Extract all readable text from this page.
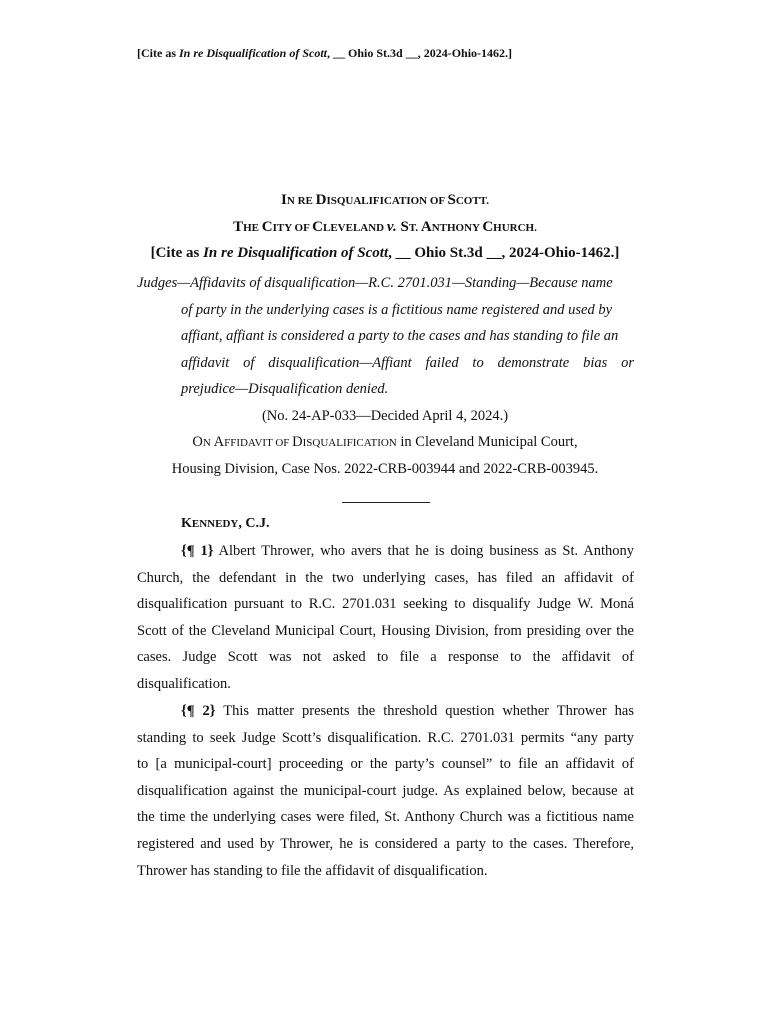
[Cite as In re Disqualification of Scott, __ Ohio St.3d __, 2024-Ohio-1462.]
IN RE DISQUALIFICATION OF SCOTT.
THE CITY OF CLEVELAND v. ST. ANTHONY CHURCH.
[Cite as In re Disqualification of Scott, __ Ohio St.3d __, 2024-Ohio-1462.]
Judges—Affidavits of disqualification—R.C. 2701.031—Standing—Because name
of party in the underlying cases is a fictitious name registered and used by
affiant, affiant is considered a party to the cases and has standing to file an
affidavit of disqualification—Affiant failed to demonstrate bias or
prejudice—Disqualification denied.
(No. 24-AP-033—Decided April 4, 2024.)
ON AFFIDAVIT OF DISQUALIFICATION in Cleveland Municipal Court,
Housing Division, Case Nos. 2022-CRB-003944 and 2022-CRB-003945.
KENNEDY, C.J.
{¶ 1} Albert Thrower, who avers that he is doing business as St. Anthony
Church, the defendant in the two underlying cases, has filed an affidavit of
disqualification pursuant to R.C. 2701.031 seeking to disqualify Judge W. Moná
Scott of the Cleveland Municipal Court, Housing Division, from presiding over the
cases. Judge Scott was not asked to file a response to the affidavit of
disqualification.
{¶ 2} This matter presents the threshold question whether Thrower has
standing to seek Judge Scott’s disqualification. R.C. 2701.031 permits “any party
to [a municipal-court] proceeding or the party’s counsel” to file an affidavit of
disqualification against the municipal-court judge. As explained below, because at
the time the underlying cases were filed, St. Anthony Church was a fictitious name
registered and used by Thrower, he is considered a party to the cases. Therefore,
Thrower has standing to file the affidavit of disqualification.
